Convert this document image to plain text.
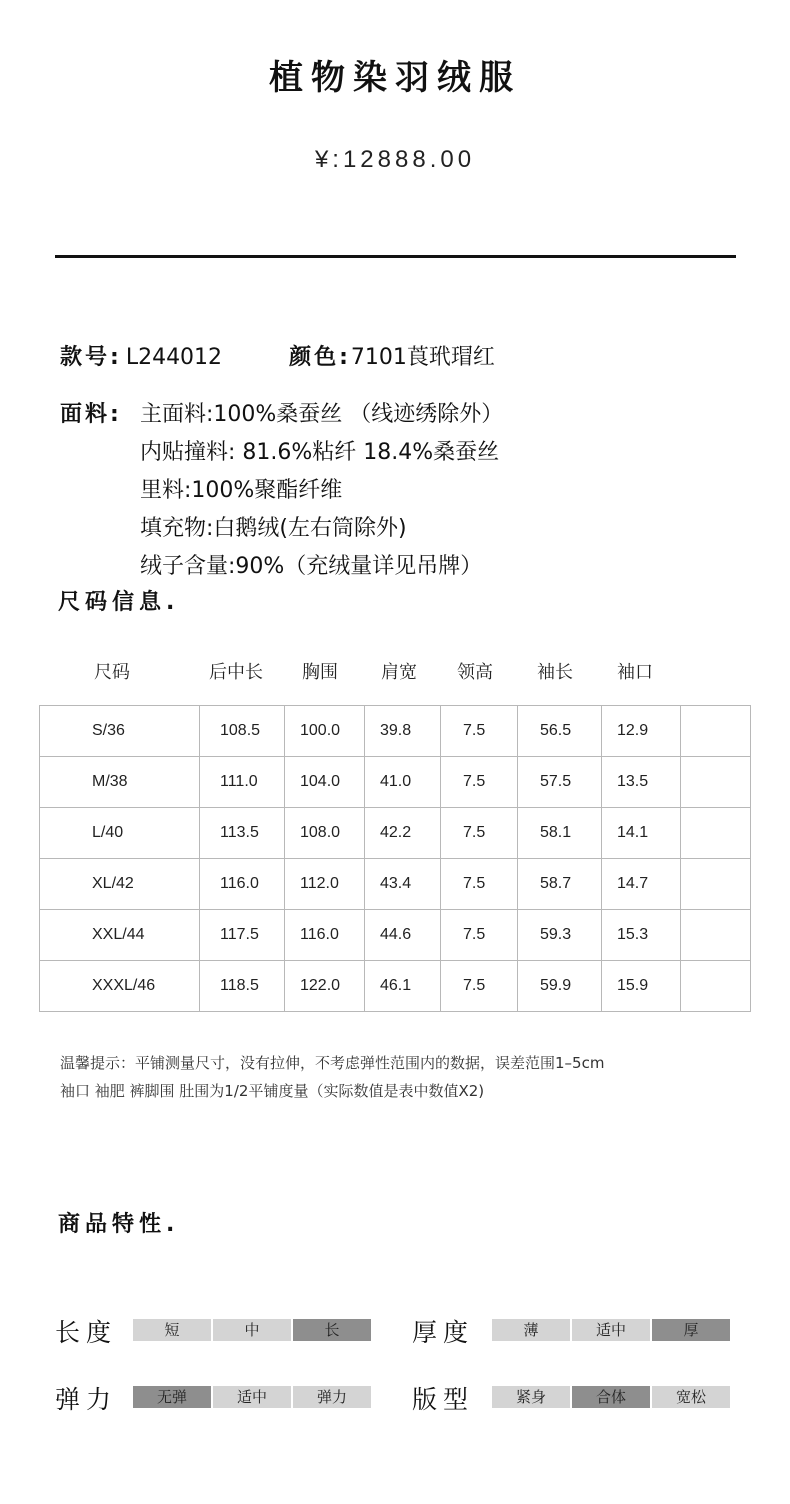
植物染羽绒服
¥:12888.00
款号: L244012	颜色:7101莨玳瑁红
面料: 主面料:100%桑蚕丝 （线迹绣除外）
内贴撞料: 81.6%粘纤 18.4%桑蚕丝
里料:100%聚酯纤维
填充物:白鹅绒(左右筒除外)
绒子含量:90%（充绒量详见吊牌）
尺码信息.
尺码	后中长 胸围 肩宽 领高 袖长 袖口
S/36	108.5	100.0	39.8	7.5	56.5	12.9	
M/38	111.0	104.0	41.0	7.5	57.5	13.5	
L/40	113.5	108.0	42.2	7.5	58.1	14.1	
XL/42	116.0	112.0	43.4	7.5	58.7	14.7	
XXL/44	117.5	116.0	44.6	7.5	59.3	15.3	
XXXL/46	118.5	122.0	46.1	7.5	59.9	15.9	
温馨提示：平铺测量尺寸，没有拉伸，不考虑弹性范围内的数据，误差范围1–5cm
袖口 袖肥 裤脚围 肚围为1/2平铺度量（实际数值是表中数值X2)
商品特性.
长度	短	中	长	厚度	薄	适中	厚
弹力	无弹	适中	弹力	版型	紧身	合体	宽松
